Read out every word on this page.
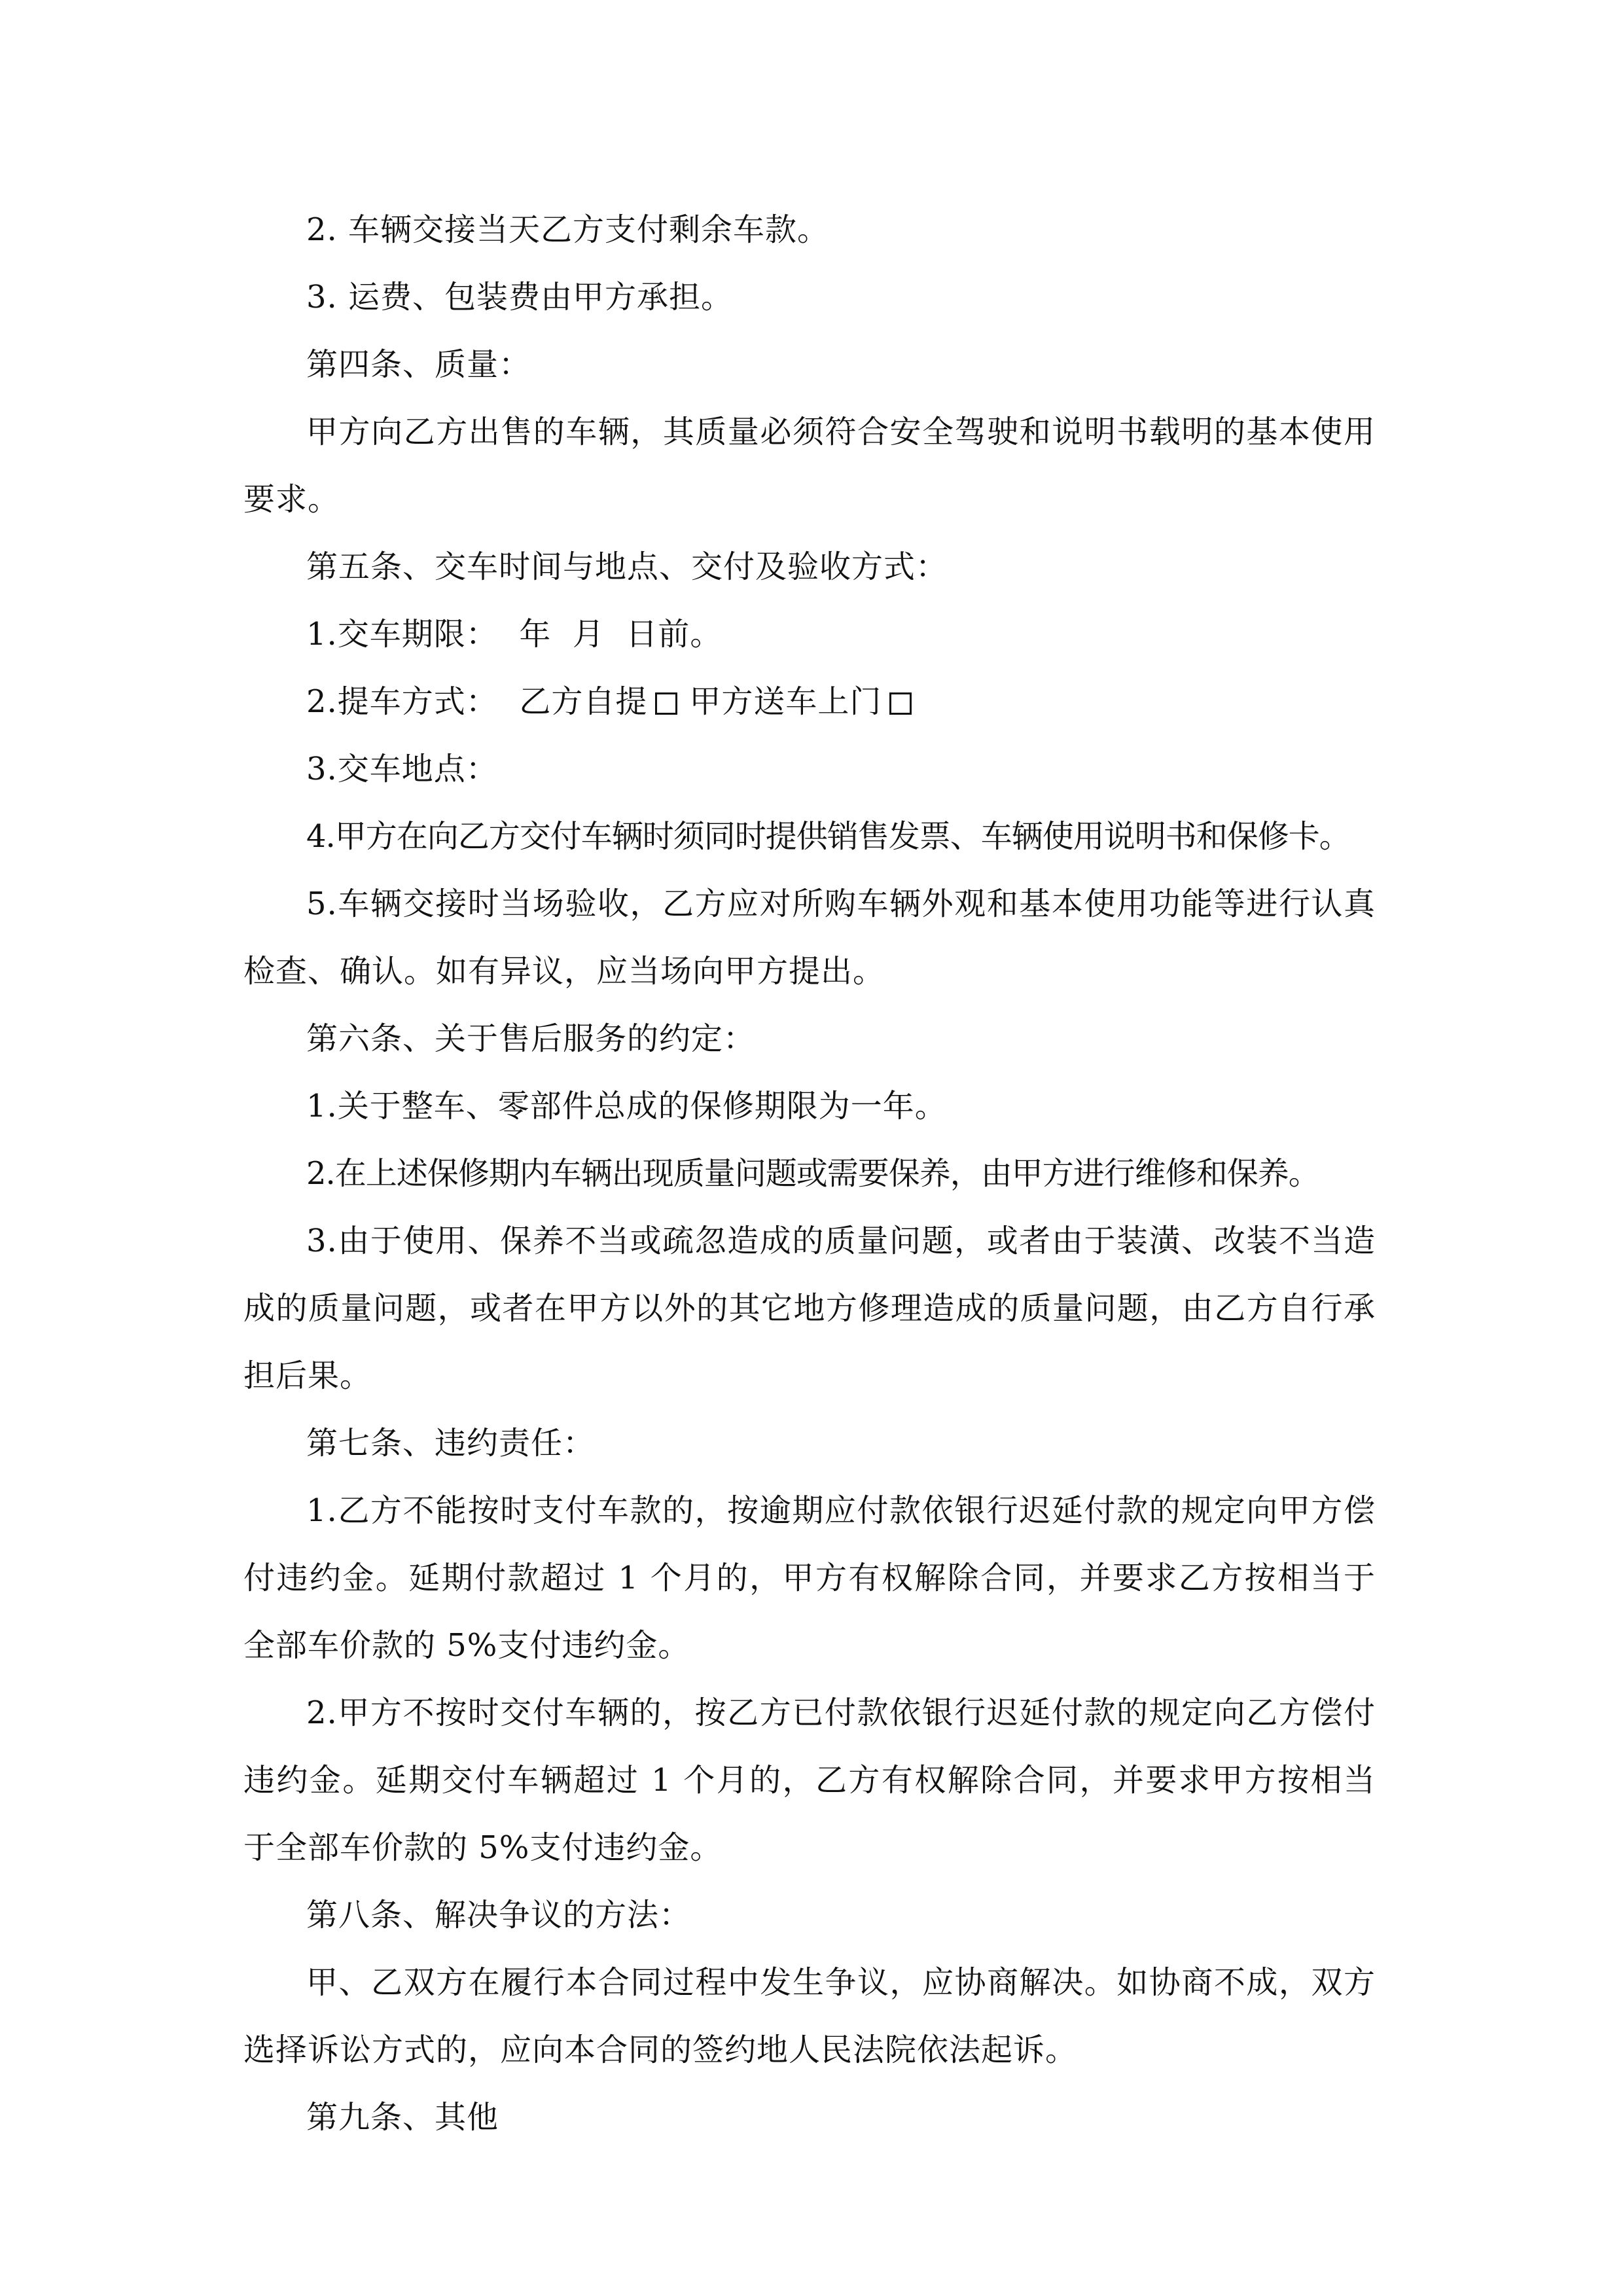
2. 车辆交接当天乙方支付剩余车款。

3. 运费、包装费由甲方承担。

第四条、质量：

甲方向乙方出售的车辆，其质量必须符合安全驾驶和说明书载明的基本使用要求。

第五条、交车时间与地点、交付及验收方式：

1.交车期限：  年  月  日前。

2.提车方式：  乙方自提 甲方送车上门

3.交车地点：

4.甲方在向乙方交付车辆时须同时提供销售发票、车辆使用说明书和保修卡。

5.车辆交接时当场验收，乙方应对所购车辆外观和基本使用功能等进行认真检查、确认。如有异议，应当场向甲方提出。

第六条、关于售后服务的约定：

1.关于整车、零部件总成的保修期限为一年。

2.在上述保修期内车辆出现质量问题或需要保养，由甲方进行维修和保养。

3.由于使用、保养不当或疏忽造成的质量问题，或者由于装潢、改装不当造成的质量问题，或者在甲方以外的其它地方修理造成的质量问题，由乙方自行承担后果。

第七条、违约责任：

1.乙方不能按时支付车款的，按逾期应付款依银行迟延付款的规定向甲方偿付违约金。延期付款超过 1 个月的，甲方有权解除合同，并要求乙方按相当于全部车价款的 5%支付违约金。

2.甲方不按时交付车辆的，按乙方已付款依银行迟延付款的规定向乙方偿付违约金。延期交付车辆超过 1 个月的，乙方有权解除合同，并要求甲方按相当于全部车价款的 5%支付违约金。

第八条、解决争议的方法：

甲、乙双方在履行本合同过程中发生争议，应协商解决。如协商不成，双方选择诉讼方式的，应向本合同的签约地人民法院依法起诉。

第九条、其他
